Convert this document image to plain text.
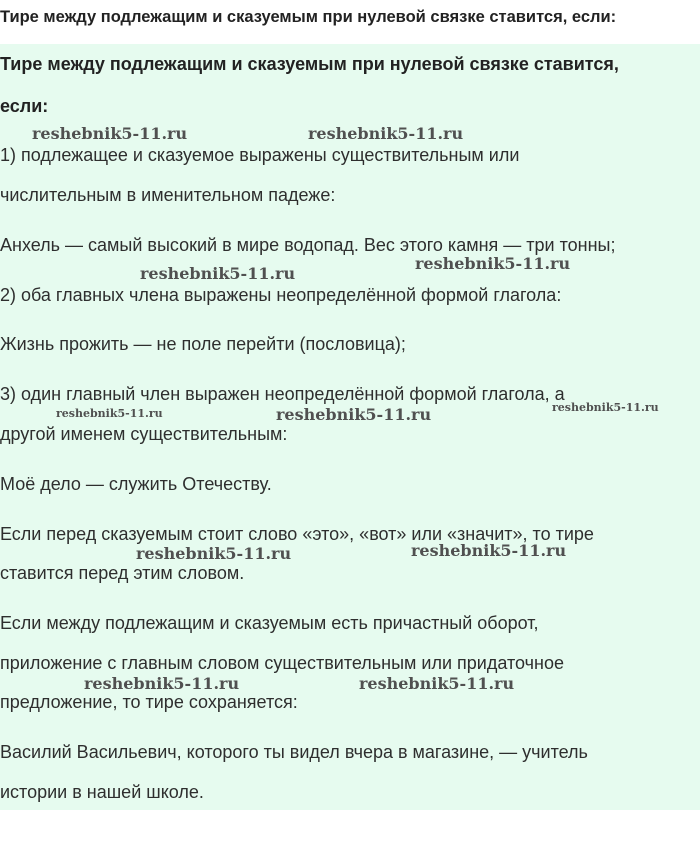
Тире между подлежащим и сказуемым при нулевой связке ставится, если:
Тире между подлежащим и сказуемым при нулевой связке ставится,
если:
1) подлежащее и сказуемое выражены существительным или
числительным в именительном падеже:
Анхель — самый высокий в мире водопад. Вес этого камня — три тонны;
2) оба главных члена выражены неопределённой формой глагола:
Жизнь прожить — не поле перейти (пословица);
3) один главный член выражен неопределённой формой глагола, а
другой именем существительным:
Моё дело — служить Отечеству.
Если перед сказуемым стоит слово «это», «вот» или «значит», то тире
ставится перед этим словом.
Если между подлежащим и сказуемым есть причастный оборот,
приложение с главным словом существительным или придаточное
предложение, то тире сохраняется:
Василий Васильевич, которого ты видел вчера в магазине, — учитель
истории в нашей школе.
reshebnik5-11.ru	reshebnik5-11.ru
reshebnik5-11.ru
reshebnik5-11.ru
reshebnik5-11.ru	reshebnik5-11.ru	reshebnik5-11.ru
reshebnik5-11.ru	reshebnik5-11.ru
reshebnik5-11.ru	reshebnik5-11.ru
